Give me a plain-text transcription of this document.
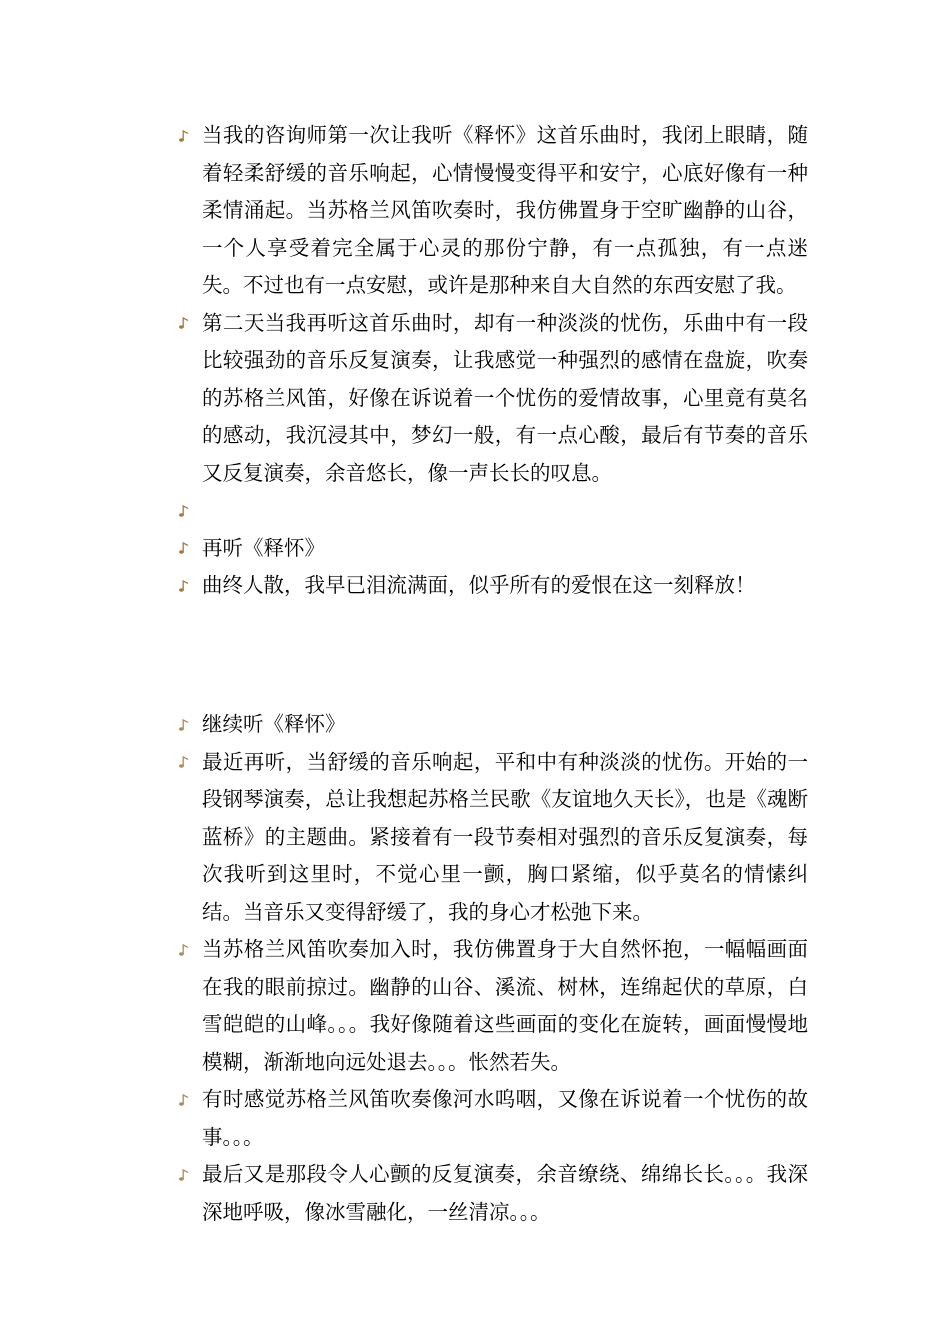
当我的咨询师第一次让我听《释怀》这首乐曲时，我闭上眼睛，随着轻柔舒缓的音乐响起，心情慢慢变得平和安宁，心底好像有一种柔情涌起。当苏格兰风笛吹奏时，我仿佛置身于空旷幽静的山谷，一个人享受着完全属于心灵的那份宁静，有一点孤独，有一点迷失。不过也有一点安慰，或许是那种来自大自然的东西安慰了我。
第二天当我再听这首乐曲时，却有一种淡淡的忧伤，乐曲中有一段比较强劲的音乐反复演奏，让我感觉一种强烈的感情在盘旋，吹奏的苏格兰风笛，好像在诉说着一个忧伤的爱情故事，心里竟有莫名的感动，我沉浸其中，梦幻一般，有一点心酸，最后有节奏的音乐又反复演奏，余音悠长，像一声长长的叹息。
再听《释怀》
曲终人散，我早已泪流满面，似乎所有的爱恨在这一刻释放！
继续听《释怀》
最近再听，当舒缓的音乐响起，平和中有种淡淡的忧伤。开始的一段钢琴演奏，总让我想起苏格兰民歌《友谊地久天长》，也是《魂断蓝桥》的主题曲。紧接着有一段节奏相对强烈的音乐反复演奏，每次我听到这里时，不觉心里一颤，胸口紧缩，似乎莫名的情愫纠结。当音乐又变得舒缓了，我的身心才松弛下来。
当苏格兰风笛吹奏加入时，我仿佛置身于大自然怀抱，一幅幅画面在我的眼前掠过。幽静的山谷、溪流、树林，连绵起伏的草原，白雪皑皑的山峰。。。我好像随着这些画面的变化在旋转，画面慢慢地模糊，渐渐地向远处退去。。。怅然若失。
有时感觉苏格兰风笛吹奏像河水呜咽，又像在诉说着一个忧伤的故事。。。
最后又是那段令人心颤的反复演奏，余音缭绕、绵绵长长。。。我深深地呼吸，像冰雪融化，一丝清凉。。。
